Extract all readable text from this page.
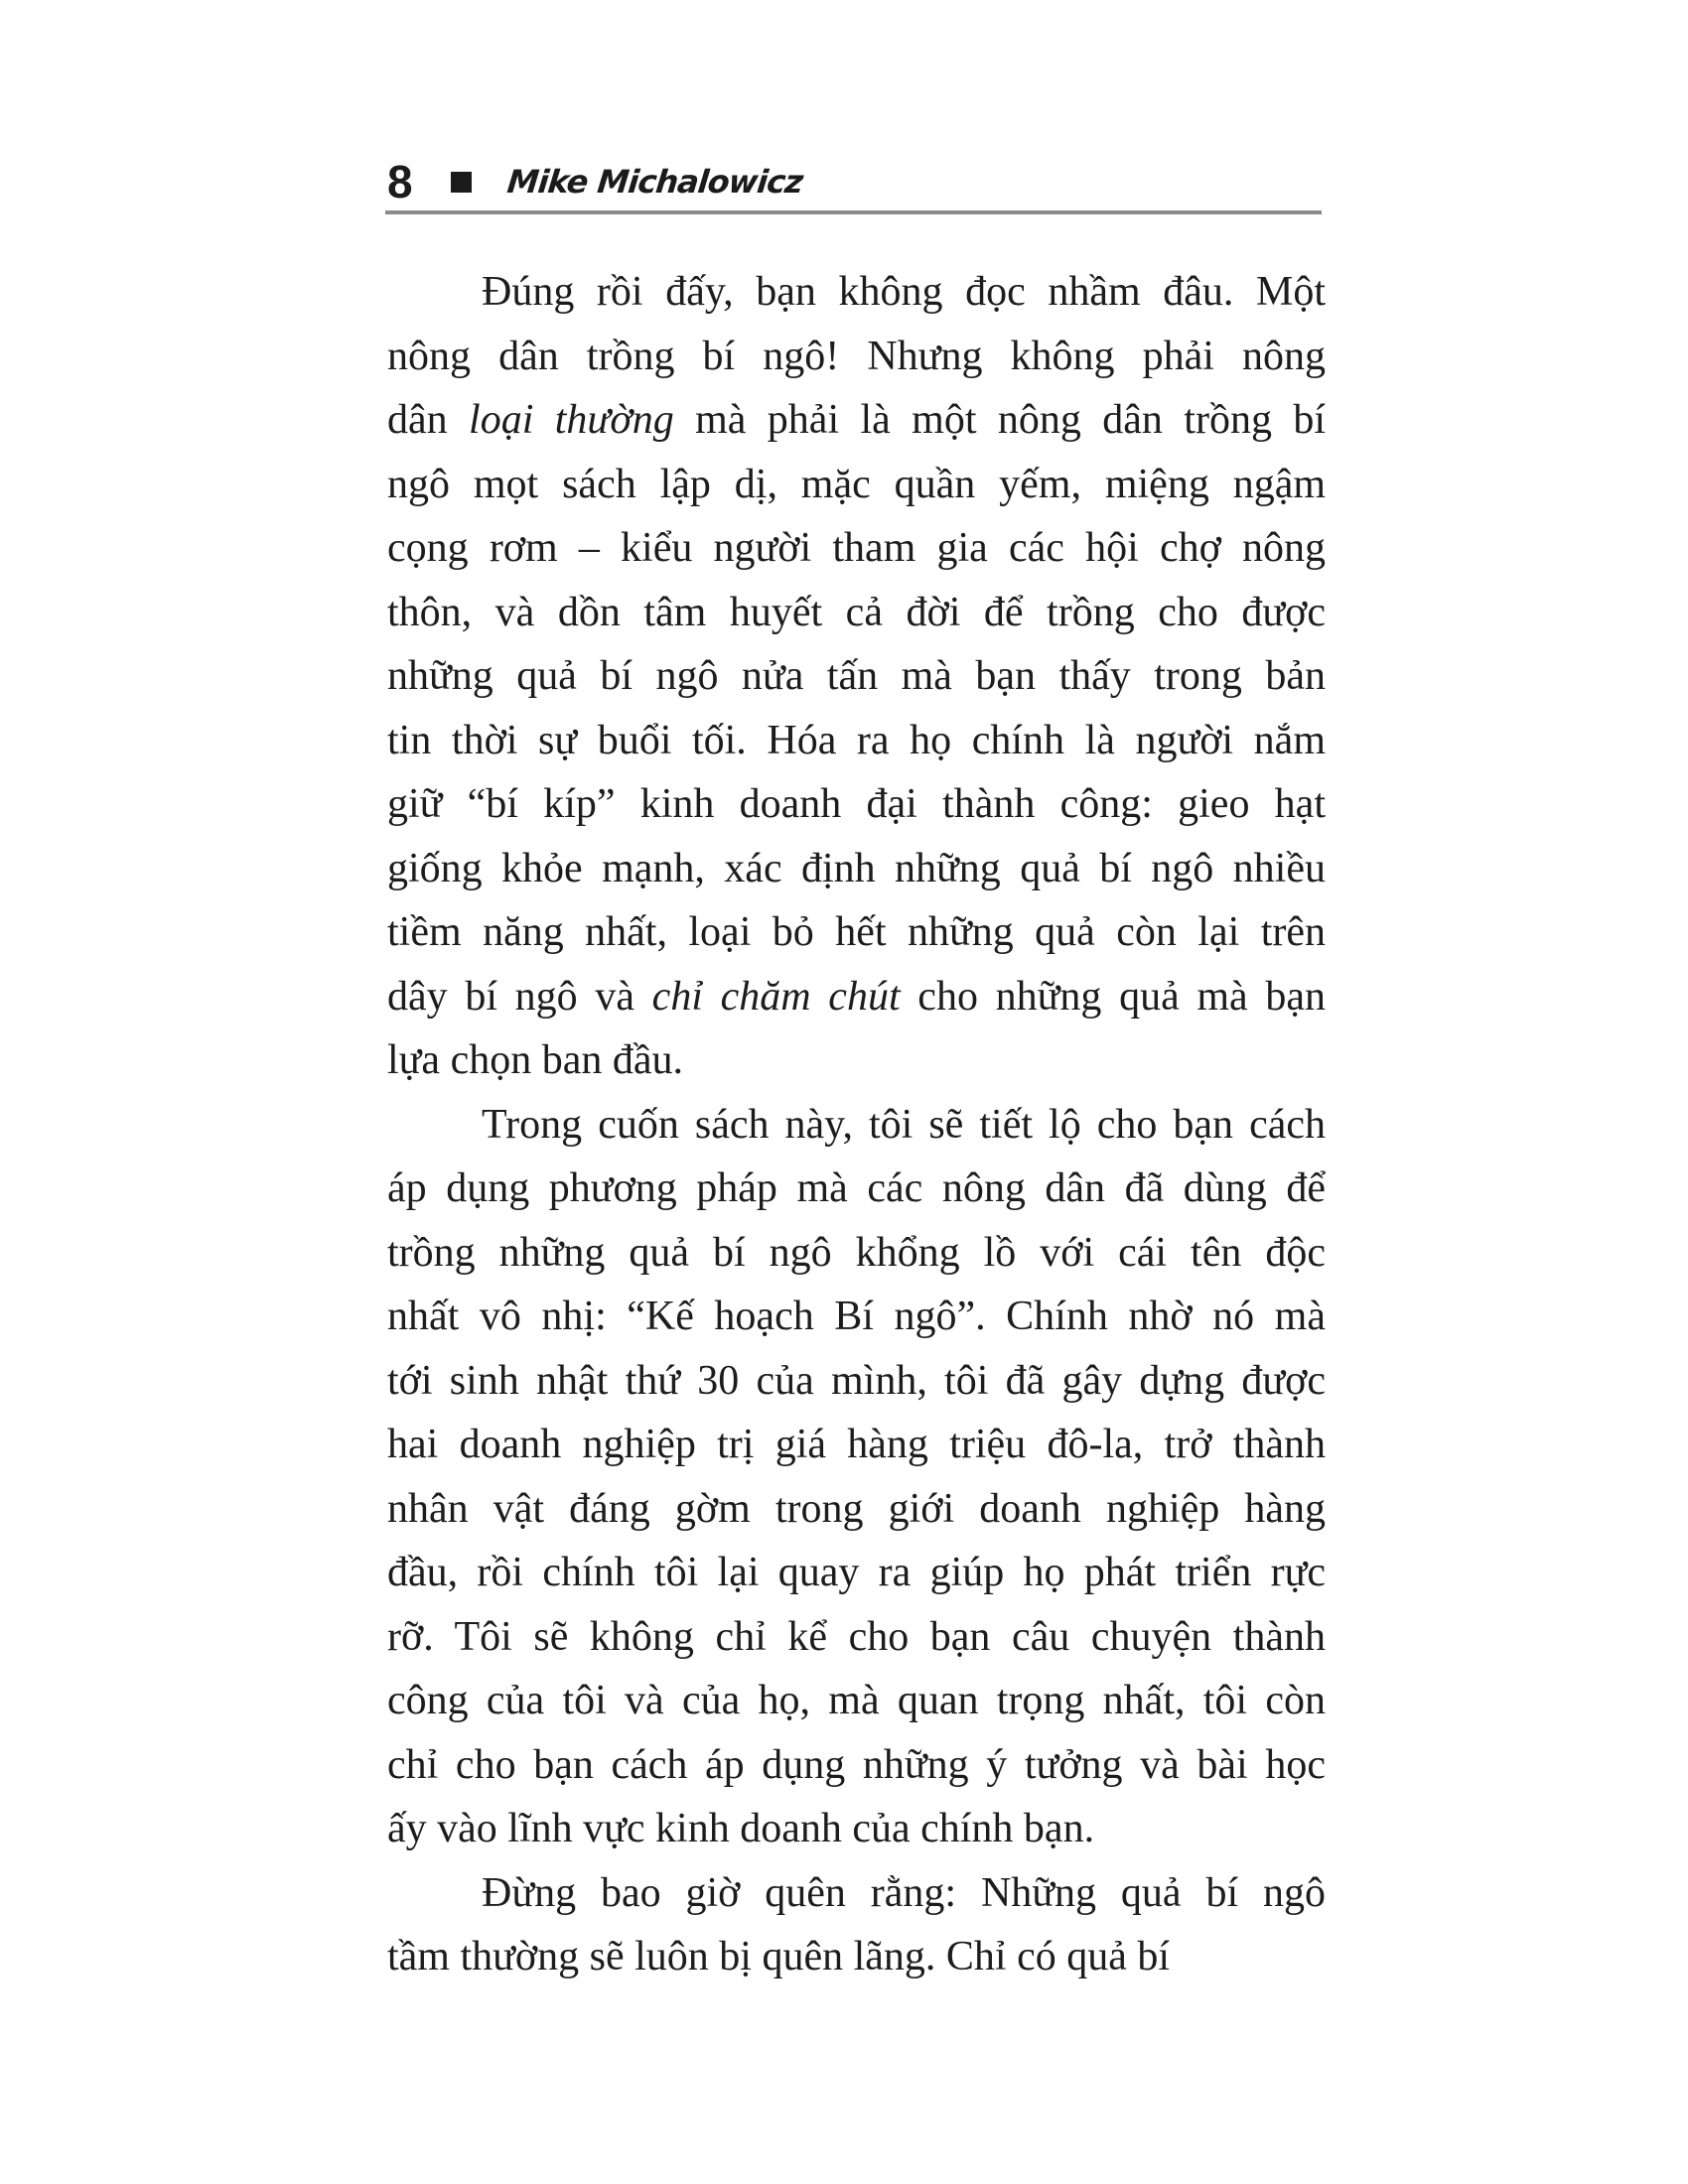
8	Mike Michalowicz
Đúng rồi đấy, bạn không đọc nhầm đâu. Một
nông dân trồng bí ngô! Nhưng không phải nông
dân loại thường mà phải là một nông dân trồng bí
ngô mọt sách lập dị, mặc quần yếm, miệng ngậm
cọng rơm – kiểu người tham gia các hội chợ nông
thôn, và dồn tâm huyết cả đời để trồng cho được
những quả bí ngô nửa tấn mà bạn thấy trong bản
tin thời sự buổi tối. Hóa ra họ chính là người nắm
giữ “bí kíp” kinh doanh đại thành công: gieo hạt
giống khỏe mạnh, xác định những quả bí ngô nhiều
tiềm năng nhất, loại bỏ hết những quả còn lại trên
dây bí ngô và chỉ chăm chút cho những quả mà bạn
lựa chọn ban đầu.
Trong cuốn sách này, tôi sẽ tiết lộ cho bạn cách
áp dụng phương pháp mà các nông dân đã dùng để
trồng những quả bí ngô khổng lồ với cái tên độc
nhất vô nhị: “Kế hoạch Bí ngô”. Chính nhờ nó mà
tới sinh nhật thứ 30 của mình, tôi đã gây dựng được
hai doanh nghiệp trị giá hàng triệu đô-la, trở thành
nhân vật đáng gờm trong giới doanh nghiệp hàng
đầu, rồi chính tôi lại quay ra giúp họ phát triển rực
rỡ. Tôi sẽ không chỉ kể cho bạn câu chuyện thành
công của tôi và của họ, mà quan trọng nhất, tôi còn
chỉ cho bạn cách áp dụng những ý tưởng và bài học
ấy vào lĩnh vực kinh doanh của chính bạn.
Đừng bao giờ quên rằng: Những quả bí ngô
tầm thường sẽ luôn bị quên lãng. Chỉ có quả bí
